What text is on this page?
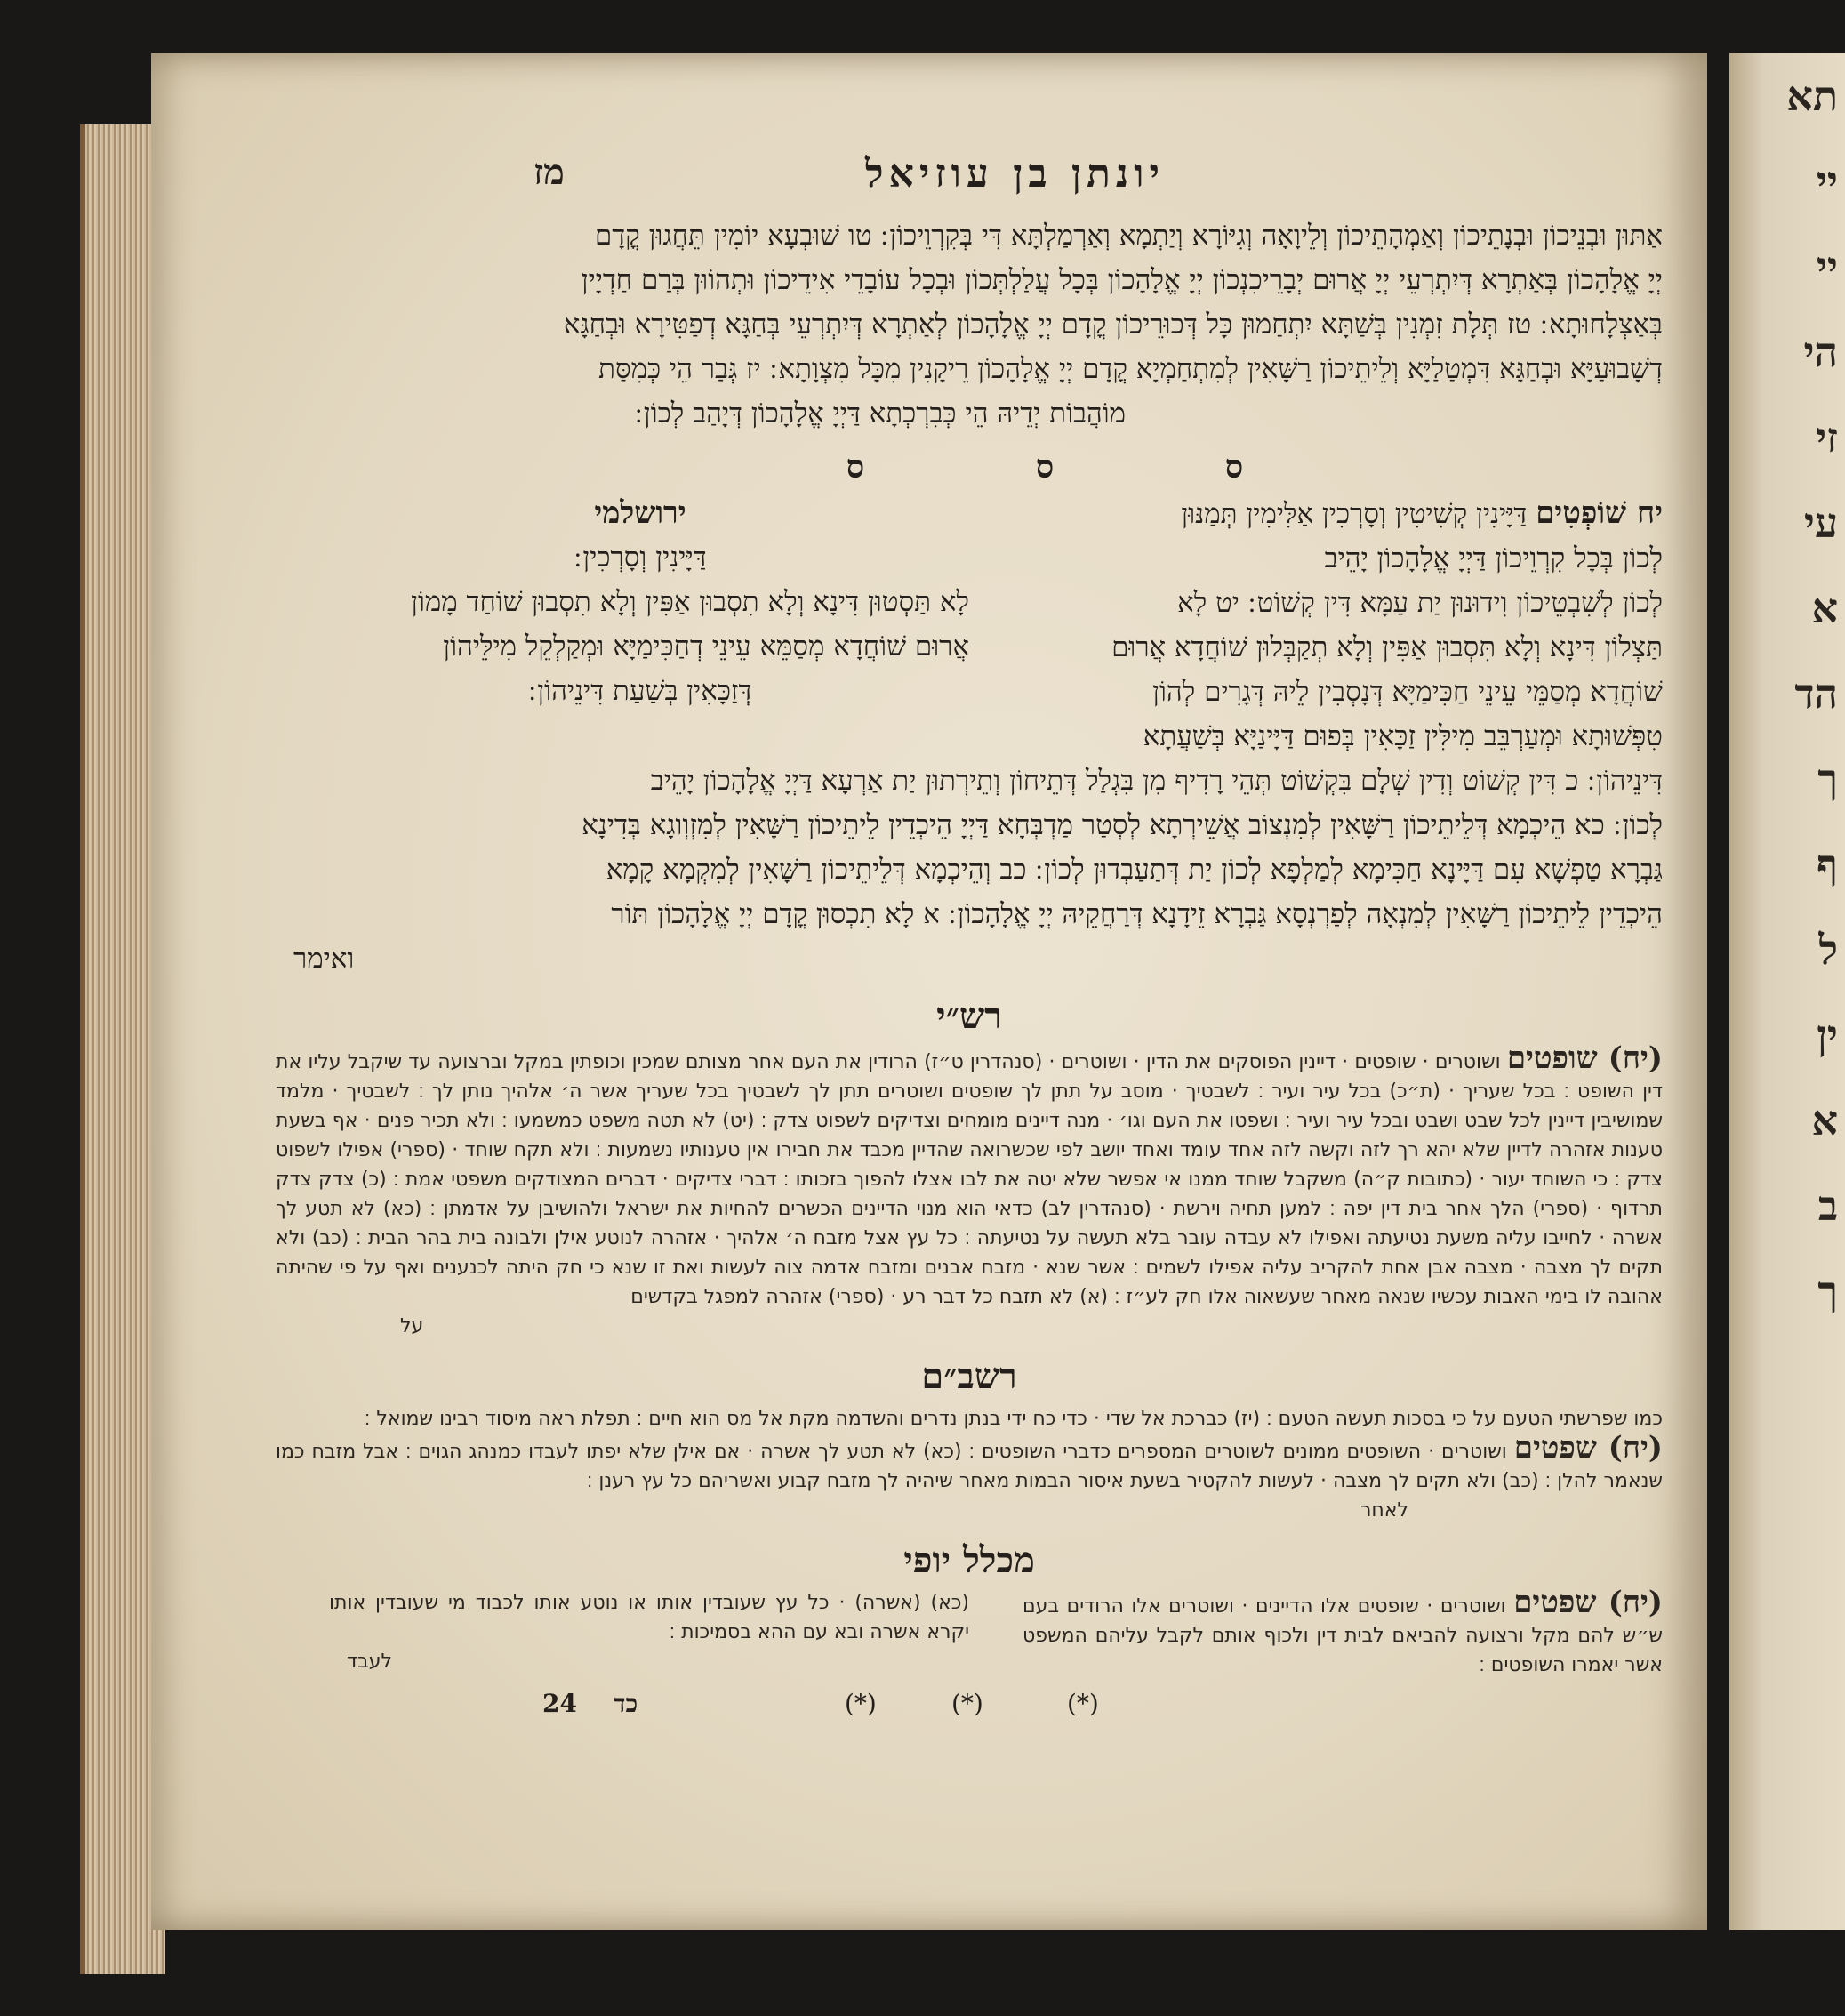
תא
יי
יי
הי
זי
עי
א
הד
ך
ף
ל
ין
א
ב
ך
יונתן בן עוזיאל
מז
אַתּוּן וּבְנֵיכוֹן וּבְנָתֵיכוֹן וְאַמְהָתֵיכוֹן וְלֵיוָאָה וְגִיּוֹרָא וְיַתְמָא וְאַרְמַלְתָּא דִּי בְּקִרְוֵיכוֹן ׃ טו שׁוּבְעָא יוֹמִין תֵּחֲגוּן קֳדָם
יְיָ אֱלָהָכוֹן בְּאַתְרָא דְּיִתְרְעֵי יְיָ אֲרוּם יְבָרֵיכִנְכוֹן יְיָ אֱלָהָכוֹן בְּכָל עֲלַלְתְּכוֹן וּבְכָל עוֹבָדֵי אִידֵיכוֹן וּתְהוֹוּן בְּרַם חַדְיָין
בְּאַצְלָחוּתָא ׃ טז תְּלָת זִמְנִין בְּשַׁתָּא יִתְחַמוּן כָּל דְּכוּרֵיכוֹן קֳדָם יְיָ אֱלָהָכוֹן לְאַתְרָא דְּיִתְרְעֵי בְּחַגָּא דְפַטִּירָא וּבְחַגָּא
דְשָׁבוּעַיָּא וּבְחַגָּא דִּמְטַלַיָּא וְלֵיתֵיכוֹן רַשָּׁאִין לְמִתְחַמְיָא קֳדָם יְיָ אֱלָהָכוֹן רֵיקָנִין מִכָּל מִצְוָתָא ׃ יז גְּבַר הֵי כְּמִסַּת
מוֹהֲבוֹת יְדֵיהּ הֵי כְּבִרְכְתָא דַּיְיָ אֱלָהָכוֹן דְּיָהַב לְכוֹן ׃
ס ס ס
יח שׁוֹפְטִים דַּיָּינִין קְשִׁיטִין וְסָרְכִין אַלִּימִין תְּמַנּוּן
לְכוֹן בְּכָל קִרְוֵיכוֹן דַּיְיָ אֱלָהָכוֹן יָהֵיב
לְכוֹן לְשִׁבְטֵיכוֹן וִידוּנוּן יַת עַמָּא דִּין קְשׁוֹט ׃ יט לָא
תַּצְלוֹן דִּינָא וְלָא תִּסְבוּן אַפִּין וְלָא תְקַבְּלוּן שׁוֹחֲדָא אֲרוּם
שׁוֹחֲדָא מְסַמֵּי עֵינֵי חַכִּימַיָּא דְּנָסְבִין לֵיהּ דְּגָרִים לְהוֹן
טִפְּשׁוּתָא וּמְעַרְבֵּב מִילִּין זַכָּאִין בְּפוּם דַּיָּינַיָּא בְּשַׁעֲתָא
ירושלמי
דַּיָּינִין וְסָרְכִין ׃
לָא תַּסְטוּן דִּינָא וְלָא תִסְבוּן אַפִּין וְלָא תִסְבוּן שׁוֹחַד מָמוֹן
אֲרוּם שׁוֹחֲדָא מְסַמֵּא עֵינֵי דְחַכִּימַיָּא וּמְקַלְקֵל מִילֵּיהוֹן
דְּזַכָּאִין בְּשַׁעַת דִּינֵיהוֹן ׃
דִּינֵיהוֹן ׃ כ דִּין קְשׁוֹט וְדִין שְׁלָם בִּקְשׁוֹט תְּהֵי רָדִיף מִן בִּגְלַל דְּתֵיחוֹן וְתֵירְתוּן יַת אַרְעָא דַּיְיָ אֱלָהָכוֹן יָהֵיב
לְכוֹן ׃ כא הֵיכְמָא דְּלֵיתֵיכוֹן רַשָּׁאִין לְמִנְצוֹב אֲשֵׁירְתָא לְסְטַר מַדְבְּחָא דַּיְיָ הֵיכְדֵין לֵיתֵיכוֹן רַשָּׁאִין לְמִזְוְוגָא בְּדִינָא
גַּבְרָא טַפְשָׁא עִם דַּיָּינָא חַכִּימָא לְמַלְפָא לְכוֹן יַת דְּתַעַבְדוּן לְכוֹן ׃ כב וְהֵיכְמָא דְּלֵיתֵיכוֹן רַשָּׁאִין לְמִקְמָא קָמָא
הֵיכְדֵין לֵיתֵיכוֹן רַשָּׁאִין לְמִנְאָה לְפַרְנְסָא גַּבְרָא זֵידָנָא דְּרַחֲקֵיהּ יְיָ אֱלָהָכוֹן ׃ א לָא תִכְסוּן קֳדָם יְיָ אֱלָהָכוֹן תּוֹר
ואימר
רש״י
(יח) שופטים ושוטרים · שופטים · דיינין הפוסקים את הדין · ושוטרים · (סנהדרין ט״ז) הרודין את העם אחר מצותם שמכין וכופתין במקל וברצועה עד שיקבל עליו את דין השופט ׃ בכל שעריך · (ת״כ) בכל עיר ועיר ׃ לשבטיך · מוסב על תתן לך שופטים ושוטרים תתן לך לשבטיך בכל שעריך אשר ה׳ אלהיך נותן לך ׃ לשבטיך · מלמד שמושיבין דיינין לכל שבט ושבט ובכל עיר ועיר ׃ ושפטו את העם וגו׳ · מנה דיינים מומחים וצדיקים לשפוט צדק ׃ (יט) לא תטה משפט כמשמעו ׃ ולא תכיר פנים · אף בשעת טענות אזהרה לדיין שלא יהא רך לזה וקשה לזה אחד עומד ואחד יושב לפי שכשרואה שהדיין מכבד את חבירו אין טענותיו נשמעות ׃ ולא תקח שוחד · (ספרי) אפילו לשפוט צדק ׃ כי השוחד יעור · (כתובות ק״ה) משקבל שוחד ממנו אי אפשר שלא יטה את לבו אצלו להפוך בזכותו ׃ דברי צדיקים · דברים המצודקים משפטי אמת ׃ (כ) צדק צדק תרדוף · (ספרי) הלך אחר בית דין יפה ׃ למען תחיה וירשת · (סנהדרין לב) כדאי הוא מנוי הדיינים הכשרים להחיות את ישראל ולהושיבן על אדמתן ׃ (כא) לא תטע לך אשרה · לחייבו עליה משעת נטיעתה ואפילו לא עבדה עובר בלא תעשה על נטיעתה ׃ כל עץ אצל מזבח ה׳ אלהיך · אזהרה לנוטע אילן ולבונה בית בהר הבית ׃ (כב) ולא תקים לך מצבה · מצבה אבן אחת להקריב עליה אפילו לשמים ׃ אשר שנא · מזבח אבנים ומזבח אדמה צוה לעשות ואת זו שנא כי חק היתה לכנענים ואף על פי שהיתה אהובה לו בימי האבות עכשיו שנאה מאחר שעשאוה אלו חק לע״ז ׃ (א) לא תזבח כל דבר רע · (ספרי) אזהרה למפגל בקדשים
על
רשב״ם
כמו שפרשתי הטעם על כי בסכות תעשה הטעם ׃ (יז) כברכת אל שדי · כדי כח ידי בנתן נדרים והשדמה מקת אל מס הוא חיים ׃ תפלת ראה מיסוד רבינו שמואל ׃
(יח) שפטים ושוטרים · השופטים ממונים לשוטרים המספרים כדברי השופטים ׃ (כא) לא תטע לך אשרה · אם אילן שלא יפתו לעבדו כמנהג הגוים ׃ אבל מזבח כמו שנאמר להלן ׃ (כב) ולא תקים לך מצבה · לעשות להקטיר בשעת איסור הבמות מאחר שיהיה לך מזבח קבוע ואשריהם כל עץ רענן ׃
לאחר
מכלל יופי
(יח) שפטים ושוטרים · שופטים אלו הדיינים · ושוטרים אלו הרודים בעם ש״ש להם מקל ורצועה להביאם לבית דין ולכוף אותם לקבל עליהם המשפט אשר יאמרו השופטים ׃
(כא) (אשרה) · כל עץ שעובדין אותו או נוטע אותו לכבוד מי שעובדין אותו יקרא אשרה ובא עם ההא בסמיכות ׃
לעבד
24 כד	(*)	(*)	(*)
